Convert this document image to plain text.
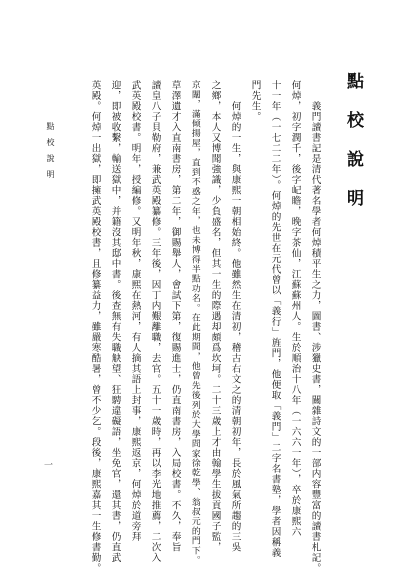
點校說明
　　義門讀書記是清代著名學者何焯積平生之力，圖書、涉獵史書，關雜詩文的一部内容豐富的讀書札記。
何焯，初字潤千，後字屺瞻，晚字茶仙，江蘇蘇州人。生於順治十八年（一六六一年），卒於康熙六
十一年（一七二二年）。何焯的先世在元代曾以「義行」旌門，他便取「義門」二字名書塾，學者因稱義
門先生。
　　何焯的一生，與康熙一朝相始終。他雖然生在清初，稽古右文之的清朝初年，長於風氣所趨的三吳
之鄉，本人又博聞強識，少負盛名，但其一生的際遇却頗爲坎坷。二十三歲上才由翰學生拔貢國子監，
京闈，滿倾揚屋，直到不惑之年，也未博得半點功名。在此期間，他曾先後列於大學問家徐乾學、翁叔元的門下。
草澤遺才入直南書房，第二年，御賜舉人，會試下第，復賜進士，仍直南書房，入局校書。不久，奉旨
讀皇八子貝勒府，兼武英殿纂修。三年後，因丁内艱離職，去官。五十一歲時，再以李光地推薦，二次入
武英殿校書。明年，授編修。又明年秋，康熙在熱河，有人摘其語上封事，康熙返京，何焯於道旁拜
迎，即被收繫，輸送獄中，并籍沒其邸中書。後查無有失職觖望、狂騁違礙語，坐免官，還其書，仍直武
英殿。何焯一出獄，即擁武英殿校書，且修纂益力，雖嚴寒酷暑，曾不少乞。段後，康熙嘉其一生修書勤。
點校說明
一
